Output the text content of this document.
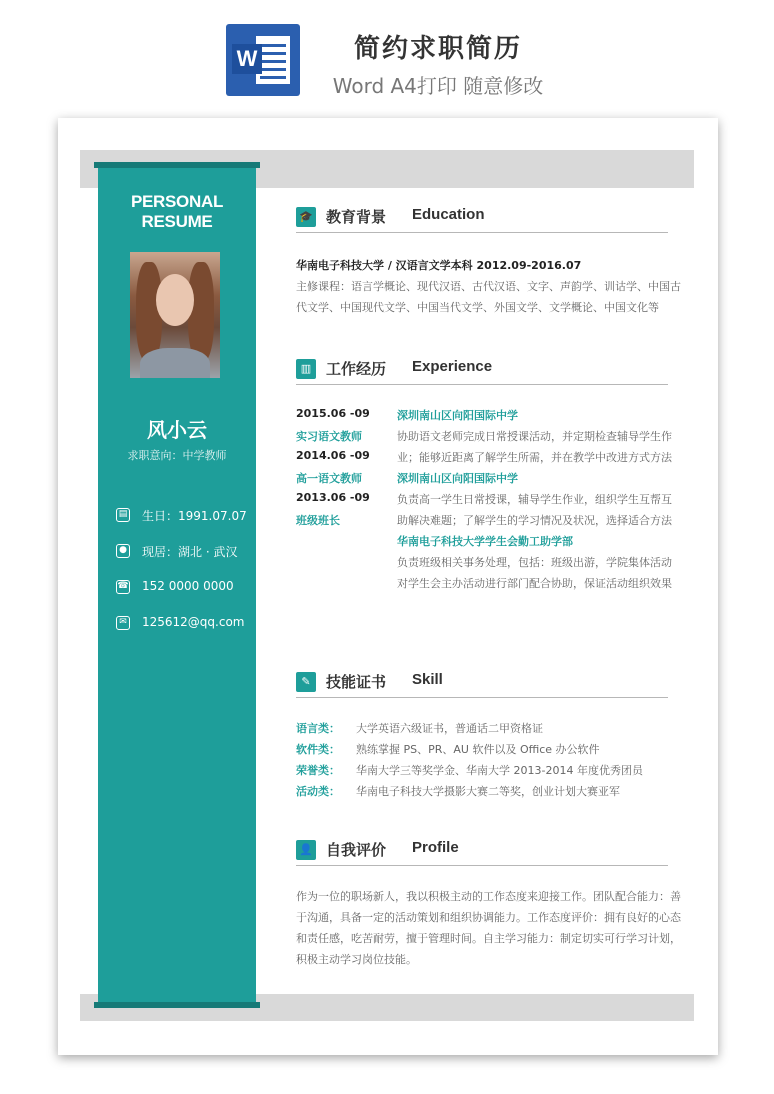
W	简约求职简历
Word A4打印 随意修改
PERSONAL RESUME
风小云
求职意向：中学教师
▤ 生日：1991.07.07
● 现居：湖北 · 武汉
☎ 152 0000 0000
✉ 125612@qq.com
🎓 教育背景 Education
华南电子科技大学 / 汉语言文学本科 2012.09-2016.07
主修课程：语言学概论、现代汉语、古代汉语、文字、声韵学、训诂学、中国古
代文学、中国现代文学、中国当代文学、外国文学、文学概论、中国文化等
▥ 工作经历 Experience
2015.06 -09
实习语文教师
2014.06 -09
高一语文教师
2013.06 -09
班级班长
深圳南山区向阳国际中学
协助语文老师完成日常授课活动，并定期检查辅导学生作
业；能够近距离了解学生所需，并在教学中改进方式方法
深圳南山区向阳国际中学
负责高一学生日常授课，辅导学生作业，组织学生互帮互
助解决难题；了解学生的学习情况及状况，选择适合方法
华南电子科技大学学生会勤工助学部
负责班级相关事务处理，包括：班级出游，学院集体活动
对学生会主办活动进行部门配合协助，保证活动组织效果
✎	技能证书 Skill
语言类： 大学英语六级证书，普通话二甲资格证
软件类： 熟练掌握 PS、PR、AU 软件以及 Office 办公软件
荣誉类： 华南大学三等奖学金、华南大学 2013-2014 年度优秀团员
活动类： 华南电子科技大学摄影大赛二等奖，创业计划大赛亚军
👤 自我评价 Profile
作为一位的职场新人，我以积极主动的工作态度来迎接工作。团队配合能力：善
于沟通，具备一定的活动策划和组织协调能力。工作态度评价：拥有良好的心态
和责任感，吃苦耐劳，擅于管理时间。自主学习能力：制定切实可行学习计划，
积极主动学习岗位技能。
